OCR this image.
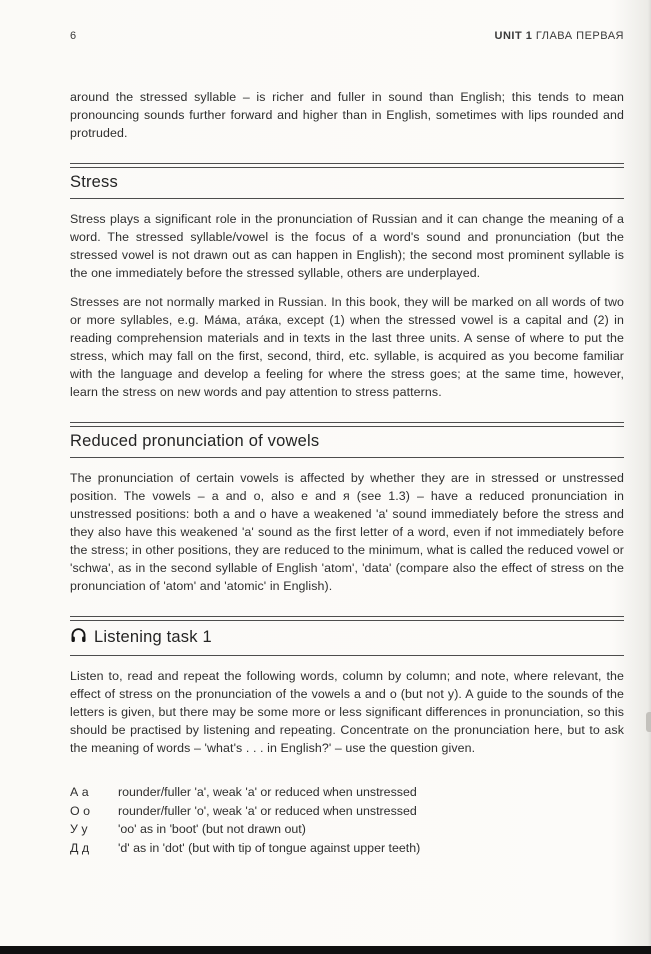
6	UNIT 1 ГЛАВА ПЕРВАЯ

around the stressed syllable – is richer and fuller in sound than English; this tends to mean pronouncing sounds further forward and higher than in English, sometimes with lips rounded and protruded.

Stress

Stress plays a significant role in the pronunciation of Russian and it can change the meaning of a word. The stressed syllable/vowel is the focus of a word's sound and pronunciation (but the stressed vowel is not drawn out as can happen in English); the second most prominent syllable is the one immediately before the stressed syllable, others are underplayed.

Stresses are not normally marked in Russian. In this book, they will be marked on all words of two or more syllables, e.g. Ма́ма, ата́ка, except (1) when the stressed vowel is a capital and (2) in reading comprehension materials and in texts in the last three units. A sense of where to put the stress, which may fall on the first, second, third, etc. syllable, is acquired as you become familiar with the language and develop a feeling for where the stress goes; at the same time, however, learn the stress on new words and pay attention to stress patterns.

Reduced pronunciation of vowels

The pronunciation of certain vowels is affected by whether they are in stressed or unstressed position. The vowels – a and o, also e and я (see 1.3) – have a reduced pronunciation in unstressed positions: both a and o have a weakened 'a' sound immediately before the stress and they also have this weakened 'a' sound as the first letter of a word, even if not immediately before the stress; in other positions, they are reduced to the minimum, what is called the reduced vowel or 'schwa', as in the second syllable of English 'atom', 'data' (compare also the effect of stress on the pronunciation of 'atom' and 'atomic' in English).

Listening task 1

Listen to, read and repeat the following words, column by column; and note, where relevant, the effect of stress on the pronunciation of the vowels a and o (but not y). A guide to the sounds of the letters is given, but there may be some more or less significant differences in pronunciation, so this should be practised by listening and repeating. Concentrate on the pronunciation here, but to ask the meaning of words – 'what's . . . in English?' – use the question given.

А а	rounder/fuller 'a', weak 'a' or reduced when unstressed
О о	rounder/fuller 'o', weak 'a' or reduced when unstressed
У у	'oo' as in 'boot' (but not drawn out)
Д д	'd' as in 'dot' (but with tip of tongue against upper teeth)
